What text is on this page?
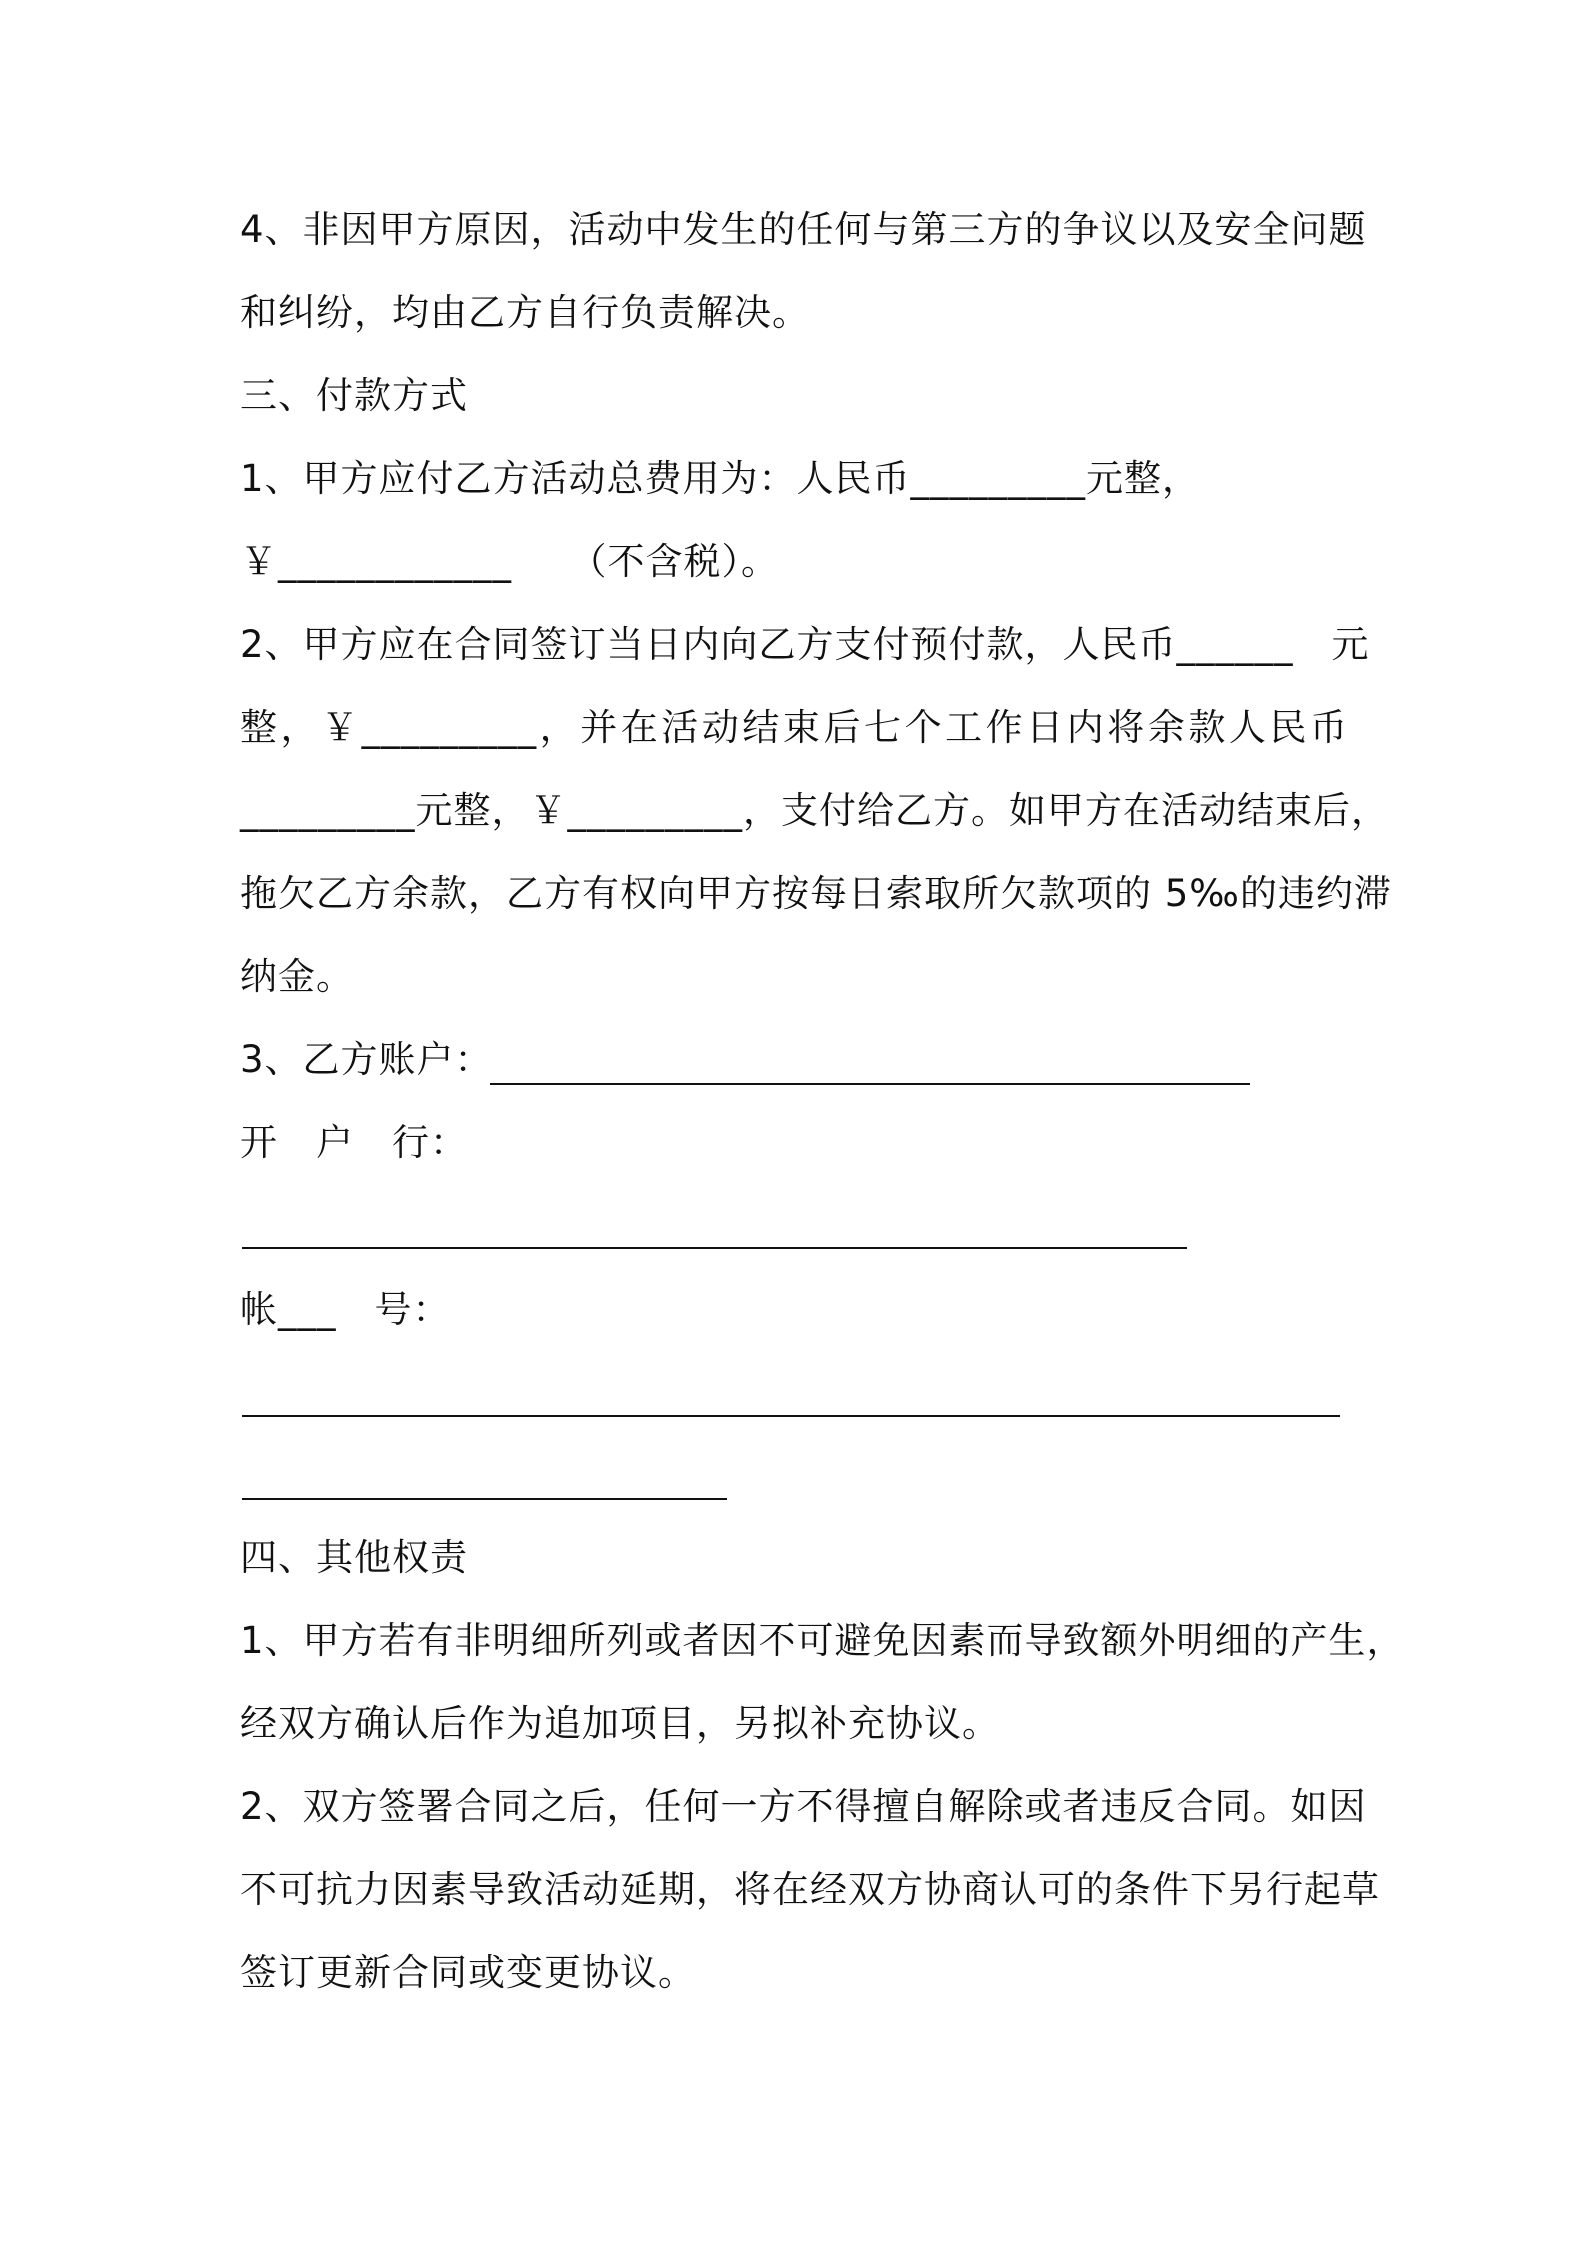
4、非因甲方原因，活动中发生的任何与第三方的争议以及安全问题
和纠纷，均由乙方自行负责解决。
三、付款方式
1、甲方应付乙方活动总费用为：人民币_________元整，
￥____________　　（不含税）。
2、甲方应在合同签订当日内向乙方支付预付款，人民币______　元
整，￥_________，并在活动结束后七个工作日内将余款人民币
_________元整，￥_________，支付给乙方。如甲方在活动结束后，
拖欠乙方余款，乙方有权向甲方按每日索取所欠款项的 5‰的违约滞
纳金。
3、乙方账户：
开　户　行：
帐___　号：
四、其他权责
1、甲方若有非明细所列或者因不可避免因素而导致额外明细的产生，
经双方确认后作为追加项目，另拟补充协议。
2、双方签署合同之后，任何一方不得擅自解除或者违反合同。如因
不可抗力因素导致活动延期，将在经双方协商认可的条件下另行起草
签订更新合同或变更协议。
